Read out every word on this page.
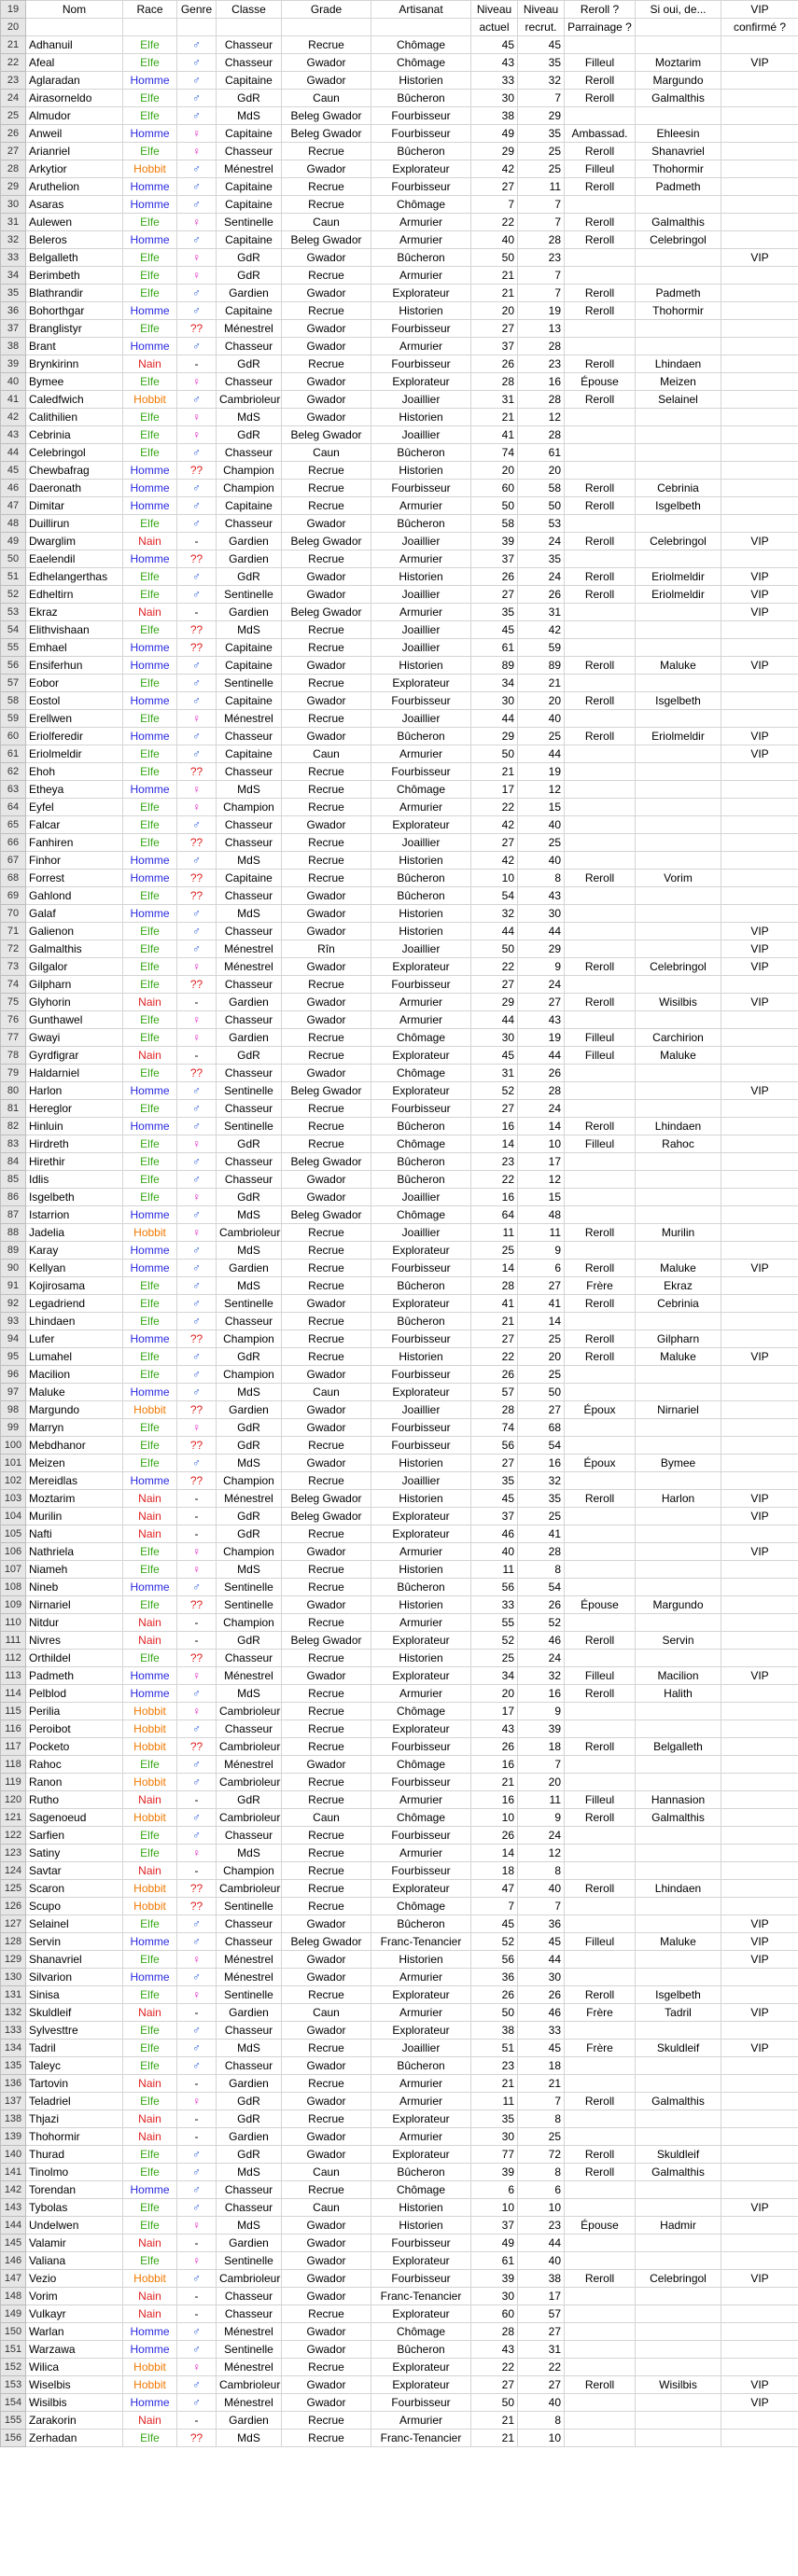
19	Nom	Race	Genre	Classe	Grade	Artisanat	Niveau	Niveau	Reroll ?	Si oui, de...	VIP
20							actuel	recrut.	Parrainage ?		confirmé ?
21	Adhanuil	Elfe	♂	Chasseur	Recrue	Chômage	45	45			
22	Afeal	Elfe	♂	Chasseur	Gwador	Chômage	43	35	Filleul	Moztarim	VIP
23	Aglaradan	Homme	♂	Capitaine	Gwador	Historien	33	32	Reroll	Margundo	
24	Airasorneldo	Elfe	♂	GdR	Caun	Bûcheron	30	7	Reroll	Galmalthis	
25	Almudor	Elfe	♂	MdS	Beleg Gwador	Fourbisseur	38	29			
26	Anweil	Homme	♀	Capitaine	Beleg Gwador	Fourbisseur	49	35	Ambassad.	Ehleesin	
27	Arianriel	Elfe	♀	Chasseur	Recrue	Bûcheron	29	25	Reroll	Shanavriel	
28	Arkytior	Hobbit	♂	Ménestrel	Gwador	Explorateur	42	25	Filleul	Thohormir	
29	Aruthelion	Homme	♂	Capitaine	Recrue	Fourbisseur	27	11	Reroll	Padmeth	
30	Asaras	Homme	♂	Capitaine	Recrue	Chômage	7	7			
31	Aulewen	Elfe	♀	Sentinelle	Caun	Armurier	22	7	Reroll	Galmalthis	
32	Beleros	Homme	♂	Capitaine	Beleg Gwador	Armurier	40	28	Reroll	Celebringol	
33	Belgalleth	Elfe	♀	GdR	Gwador	Bûcheron	50	23			VIP
34	Berimbeth	Elfe	♀	GdR	Recrue	Armurier	21	7			
35	Blathrandir	Elfe	♂	Gardien	Gwador	Explorateur	21	7	Reroll	Padmeth	
36	Bohorthgar	Homme	♂	Capitaine	Recrue	Historien	20	19	Reroll	Thohormir	
37	Branglistyr	Elfe	??	Ménestrel	Gwador	Fourbisseur	27	13			
38	Brant	Homme	♂	Chasseur	Gwador	Armurier	37	28			
39	Brynkirinn	Nain	-	GdR	Recrue	Fourbisseur	26	23	Reroll	Lhindaen	
40	Bymee	Elfe	♀	Chasseur	Gwador	Explorateur	28	16	Épouse	Meizen	
41	Caledfwich	Hobbit	♂	Cambrioleur	Gwador	Joaillier	31	28	Reroll	Selainel	
42	Calithilien	Elfe	♀	MdS	Gwador	Historien	21	12			
43	Cebrinia	Elfe	♀	GdR	Beleg Gwador	Joaillier	41	28			
44	Celebringol	Elfe	♂	Chasseur	Caun	Bûcheron	74	61			
45	Chewbafrag	Homme	??	Champion	Recrue	Historien	20	20			
46	Daeronath	Homme	♂	Champion	Recrue	Fourbisseur	60	58	Reroll	Cebrinia	
47	Dimitar	Homme	♂	Capitaine	Recrue	Armurier	50	50	Reroll	Isgelbeth	
48	Duillirun	Elfe	♂	Chasseur	Gwador	Bûcheron	58	53			
49	Dwarglim	Nain	-	Gardien	Beleg Gwador	Joaillier	39	24	Reroll	Celebringol	VIP
50	Eaelendil	Homme	??	Gardien	Recrue	Armurier	37	35			
51	Edhelangerthas	Elfe	♂	GdR	Gwador	Historien	26	24	Reroll	Eriolmeldir	VIP
52	Edheltirn	Elfe	♂	Sentinelle	Gwador	Joaillier	27	26	Reroll	Eriolmeldir	VIP
53	Ekraz	Nain	-	Gardien	Beleg Gwador	Armurier	35	31			VIP
54	Elithvishaan	Elfe	??	MdS	Recrue	Joaillier	45	42			
55	Emhael	Homme	??	Capitaine	Recrue	Joaillier	61	59			
56	Ensiferhun	Homme	♂	Capitaine	Gwador	Historien	89	89	Reroll	Maluke	VIP
57	Eobor	Elfe	♂	Sentinelle	Recrue	Explorateur	34	21			
58	Eostol	Homme	♂	Capitaine	Gwador	Fourbisseur	30	20	Reroll	Isgelbeth	
59	Erellwen	Elfe	♀	Ménestrel	Recrue	Joaillier	44	40			
60	Eriolferedir	Homme	♂	Chasseur	Gwador	Bûcheron	29	25	Reroll	Eriolmeldir	VIP
61	Eriolmeldir	Elfe	♂	Capitaine	Caun	Armurier	50	44			VIP
62	Ehoh	Elfe	??	Chasseur	Recrue	Fourbisseur	21	19			
63	Etheya	Homme	♀	MdS	Recrue	Chômage	17	12			
64	Eyfel	Elfe	♀	Champion	Recrue	Armurier	22	15			
65	Falcar	Elfe	♂	Chasseur	Gwador	Explorateur	42	40			
66	Fanhiren	Elfe	??	Chasseur	Recrue	Joaillier	27	25			
67	Finhor	Homme	♂	MdS	Recrue	Historien	42	40			
68	Forrest	Homme	??	Capitaine	Recrue	Bûcheron	10	8	Reroll	Vorim	
69	Gahlond	Elfe	??	Chasseur	Gwador	Bûcheron	54	43			
70	Galaf	Homme	♂	MdS	Gwador	Historien	32	30			
71	Galienon	Elfe	♂	Chasseur	Gwador	Historien	44	44			VIP
72	Galmalthis	Elfe	♂	Ménestrel	Rîn	Joaillier	50	29			VIP
73	Gilgalor	Elfe	♀	Ménestrel	Gwador	Explorateur	22	9	Reroll	Celebringol	VIP
74	Gilpharn	Elfe	??	Chasseur	Recrue	Fourbisseur	27	24			
75	Glyhorin	Nain	-	Gardien	Gwador	Armurier	29	27	Reroll	Wisilbis	VIP
76	Gunthawel	Elfe	♀	Chasseur	Gwador	Armurier	44	43			
77	Gwayi	Elfe	♀	Gardien	Recrue	Chômage	30	19	Filleul	Carchirion	
78	Gyrdfigrar	Nain	-	GdR	Recrue	Explorateur	45	44	Filleul	Maluke	
79	Haldarniel	Elfe	??	Chasseur	Gwador	Chômage	31	26			
80	Harlon	Homme	♂	Sentinelle	Beleg Gwador	Explorateur	52	28			VIP
81	Hereglor	Elfe	♂	Chasseur	Recrue	Fourbisseur	27	24			
82	Hinluin	Homme	♂	Sentinelle	Recrue	Bûcheron	16	14	Reroll	Lhindaen	
83	Hirdreth	Elfe	♀	GdR	Recrue	Chômage	14	10	Filleul	Rahoc	
84	Hirethir	Elfe	♂	Chasseur	Beleg Gwador	Bûcheron	23	17			
85	Idlis	Elfe	♂	Chasseur	Gwador	Bûcheron	22	12			
86	Isgelbeth	Elfe	♀	GdR	Gwador	Joaillier	16	15			
87	Istarrion	Homme	♂	MdS	Beleg Gwador	Chômage	64	48			
88	Jadelia	Hobbit	♀	Cambrioleur	Recrue	Joaillier	11	11	Reroll	Murilin	
89	Karay	Homme	♂	MdS	Recrue	Explorateur	25	9			
90	Kellyan	Homme	♂	Gardien	Recrue	Fourbisseur	14	6	Reroll	Maluke	VIP
91	Kojirosama	Elfe	♂	MdS	Recrue	Bûcheron	28	27	Frère	Ekraz	
92	Legadriend	Elfe	♂	Sentinelle	Gwador	Explorateur	41	41	Reroll	Cebrinia	
93	Lhindaen	Elfe	♂	Chasseur	Recrue	Bûcheron	21	14			
94	Lufer	Homme	??	Champion	Recrue	Fourbisseur	27	25	Reroll	Gilpharn	
95	Lumahel	Elfe	♂	GdR	Recrue	Historien	22	20	Reroll	Maluke	VIP
96	Macilion	Elfe	♂	Champion	Gwador	Fourbisseur	26	25			
97	Maluke	Homme	♂	MdS	Caun	Explorateur	57	50			
98	Margundo	Hobbit	??	Gardien	Gwador	Joaillier	28	27	Époux	Nirnariel	
99	Marryn	Elfe	♀	GdR	Gwador	Fourbisseur	74	68			
100	Mebdhanor	Elfe	??	GdR	Recrue	Fourbisseur	56	54			
101	Meizen	Elfe	♂	MdS	Gwador	Historien	27	16	Époux	Bymee	
102	Mereidlas	Homme	??	Champion	Recrue	Joaillier	35	32			
103	Moztarim	Nain	-	Ménestrel	Beleg Gwador	Historien	45	35	Reroll	Harlon	VIP
104	Murilin	Nain	-	GdR	Beleg Gwador	Explorateur	37	25			VIP
105	Nafti	Nain	-	GdR	Recrue	Explorateur	46	41			
106	Nathriela	Elfe	♀	Champion	Gwador	Armurier	40	28			VIP
107	Niameh	Elfe	♀	MdS	Recrue	Historien	11	8			
108	Nineb	Homme	♂	Sentinelle	Recrue	Bûcheron	56	54			
109	Nirnariel	Elfe	??	Sentinelle	Gwador	Historien	33	26	Épouse	Margundo	
110	Nitdur	Nain	-	Champion	Recrue	Armurier	55	52			
111	Nivres	Nain	-	GdR	Beleg Gwador	Explorateur	52	46	Reroll	Servin	
112	Orthildel	Elfe	??	Chasseur	Recrue	Historien	25	24			
113	Padmeth	Homme	♀	Ménestrel	Gwador	Explorateur	34	32	Filleul	Macilion	VIP
114	Pelblod	Homme	♂	MdS	Recrue	Armurier	20	16	Reroll	Halith	
115	Perilia	Hobbit	♀	Cambrioleur	Recrue	Chômage	17	9			
116	Peroibot	Hobbit	♂	Chasseur	Recrue	Explorateur	43	39			
117	Pocketo	Hobbit	??	Cambrioleur	Recrue	Fourbisseur	26	18	Reroll	Belgalleth	
118	Rahoc	Elfe	♂	Ménestrel	Gwador	Chômage	16	7			
119	Ranon	Hobbit	♂	Cambrioleur	Recrue	Fourbisseur	21	20			
120	Rutho	Nain	-	GdR	Recrue	Armurier	16	11	Filleul	Hannasion	
121	Sagenoeud	Hobbit	♂	Cambrioleur	Caun	Chômage	10	9	Reroll	Galmalthis	
122	Sarfien	Elfe	♂	Chasseur	Recrue	Fourbisseur	26	24			
123	Satiny	Elfe	♀	MdS	Recrue	Armurier	14	12			
124	Savtar	Nain	-	Champion	Recrue	Fourbisseur	18	8			
125	Scaron	Hobbit	??	Cambrioleur	Recrue	Explorateur	47	40	Reroll	Lhindaen	
126	Scupo	Hobbit	??	Sentinelle	Recrue	Chômage	7	7			
127	Selainel	Elfe	♂	Chasseur	Gwador	Bûcheron	45	36			VIP
128	Servin	Homme	♂	Chasseur	Beleg Gwador	Franc-Tenancier	52	45	Filleul	Maluke	VIP
129	Shanavriel	Elfe	♀	Ménestrel	Gwador	Historien	56	44			VIP
130	Silvarion	Homme	♂	Ménestrel	Gwador	Armurier	36	30			
131	Sinisa	Elfe	♀	Sentinelle	Recrue	Explorateur	26	26	Reroll	Isgelbeth	
132	Skuldleif	Nain	-	Gardien	Caun	Armurier	50	46	Frère	Tadril	VIP
133	Sylvesttre	Elfe	♂	Chasseur	Gwador	Explorateur	38	33			
134	Tadril	Elfe	♂	MdS	Recrue	Joaillier	51	45	Frère	Skuldleif	VIP
135	Taleyc	Elfe	♂	Chasseur	Gwador	Bûcheron	23	18			
136	Tartovin	Nain	-	Gardien	Recrue	Armurier	21	21			
137	Teladriel	Elfe	♀	GdR	Gwador	Armurier	11	7	Reroll	Galmalthis	
138	Thjazi	Nain	-	GdR	Recrue	Explorateur	35	8			
139	Thohormir	Nain	-	Gardien	Gwador	Armurier	30	25			
140	Thurad	Elfe	♂	GdR	Gwador	Explorateur	77	72	Reroll	Skuldleif	
141	Tinolmo	Elfe	♂	MdS	Caun	Bûcheron	39	8	Reroll	Galmalthis	
142	Torendan	Homme	♂	Chasseur	Recrue	Chômage	6	6			
143	Tybolas	Elfe	♂	Chasseur	Caun	Historien	10	10			VIP
144	Undelwen	Elfe	♀	MdS	Gwador	Historien	37	23	Épouse	Hadmir	
145	Valamir	Nain	-	Gardien	Gwador	Fourbisseur	49	44			
146	Valiana	Elfe	♀	Sentinelle	Gwador	Explorateur	61	40			
147	Vezio	Hobbit	♂	Cambrioleur	Gwador	Fourbisseur	39	38	Reroll	Celebringol	VIP
148	Vorim	Nain	-	Chasseur	Gwador	Franc-Tenancier	30	17			
149	Vulkayr	Nain	-	Chasseur	Recrue	Explorateur	60	57			
150	Warlan	Homme	♂	Ménestrel	Gwador	Chômage	28	27			
151	Warzawa	Homme	♂	Sentinelle	Gwador	Bûcheron	43	31			
152	Wilica	Hobbit	♀	Ménestrel	Recrue	Explorateur	22	22			
153	Wiselbis	Hobbit	♂	Cambrioleur	Gwador	Explorateur	27	27	Reroll	Wisilbis	VIP
154	Wisilbis	Homme	♂	Ménestrel	Gwador	Fourbisseur	50	40			VIP
155	Zarakorin	Nain	-	Gardien	Recrue	Armurier	21	8			
156	Zerhadan	Elfe	??	MdS	Recrue	Franc-Tenancier	21	10			
